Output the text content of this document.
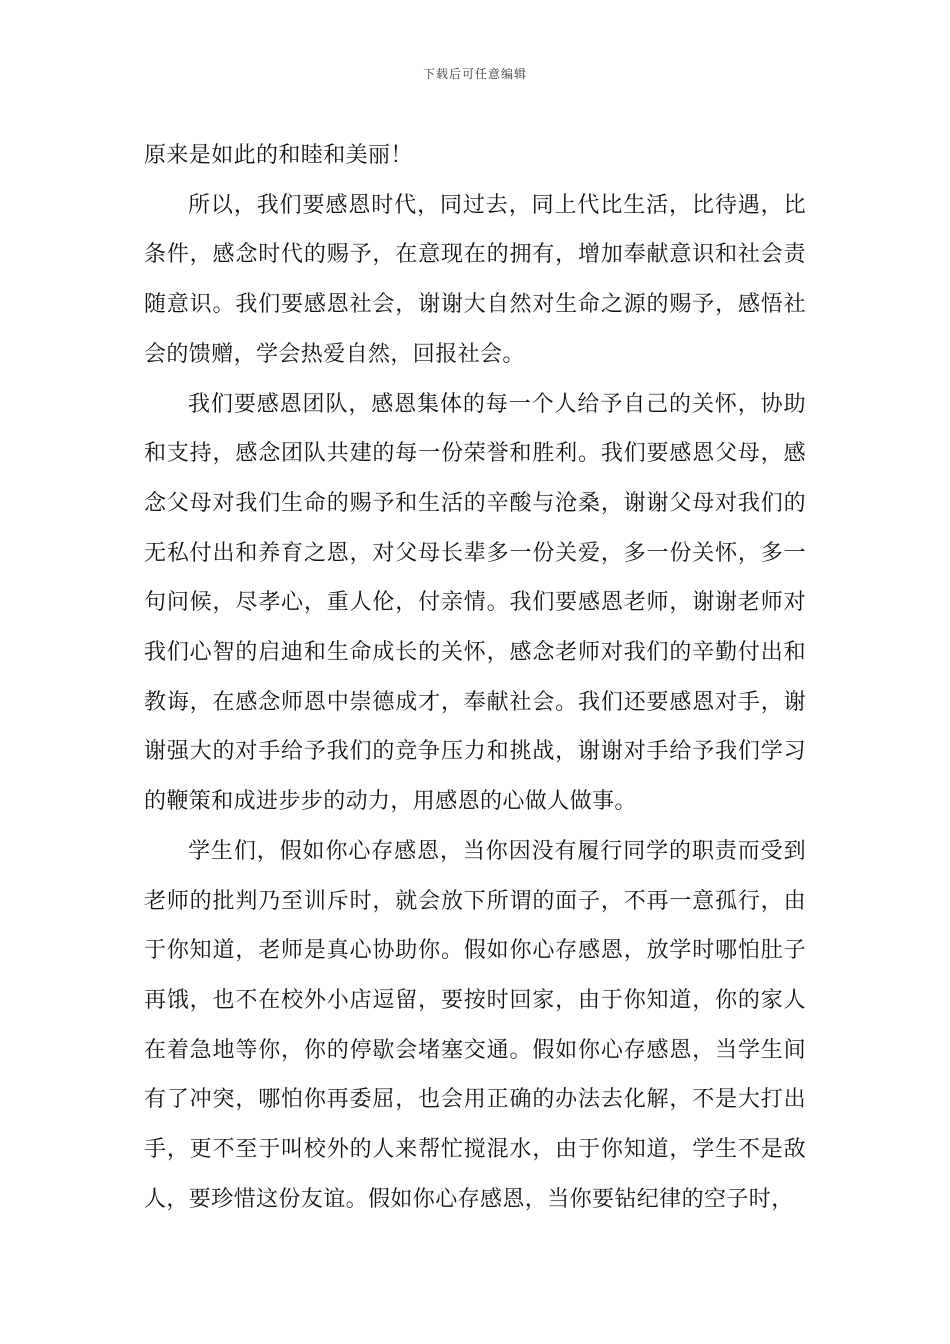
下载后可任意编辑

原来是如此的和睦和美丽！

所以，我们要感恩时代，同过去，同上代比生活，比待遇，比条件，感念时代的赐予，在意现在的拥有，增加奉献意识和社会责随意识。我们要感恩社会，谢谢大自然对生命之源的赐予，感悟社会的馈赠，学会热爱自然，回报社会。

我们要感恩团队，感恩集体的每一个人给予自己的关怀，协助和支持，感念团队共建的每一份荣誉和胜利。我们要感恩父母，感念父母对我们生命的赐予和生活的辛酸与沧桑，谢谢父母对我们的无私付出和养育之恩，对父母长辈多一份关爱，多一份关怀，多一句问候，尽孝心，重人伦，付亲情。我们要感恩老师，谢谢老师对我们心智的启迪和生命成长的关怀，感念老师对我们的辛勤付出和教诲，在感念师恩中崇德成才，奉献社会。我们还要感恩对手，谢谢强大的对手给予我们的竞争压力和挑战，谢谢对手给予我们学习的鞭策和成进步步的动力，用感恩的心做人做事。

学生们，假如你心存感恩，当你因没有履行同学的职责而受到老师的批判乃至训斥时，就会放下所谓的面子，不再一意孤行，由于你知道，老师是真心协助你。假如你心存感恩，放学时哪怕肚子再饿，也不在校外小店逗留，要按时回家，由于你知道，你的家人在着急地等你，你的停歇会堵塞交通。假如你心存感恩，当学生间有了冲突，哪怕你再委屈，也会用正确的办法去化解，不是大打出手，更不至于叫校外的人来帮忙搅混水，由于你知道，学生不是敌人，要珍惜这份友谊。假如你心存感恩，当你要钻纪律的空子时，
